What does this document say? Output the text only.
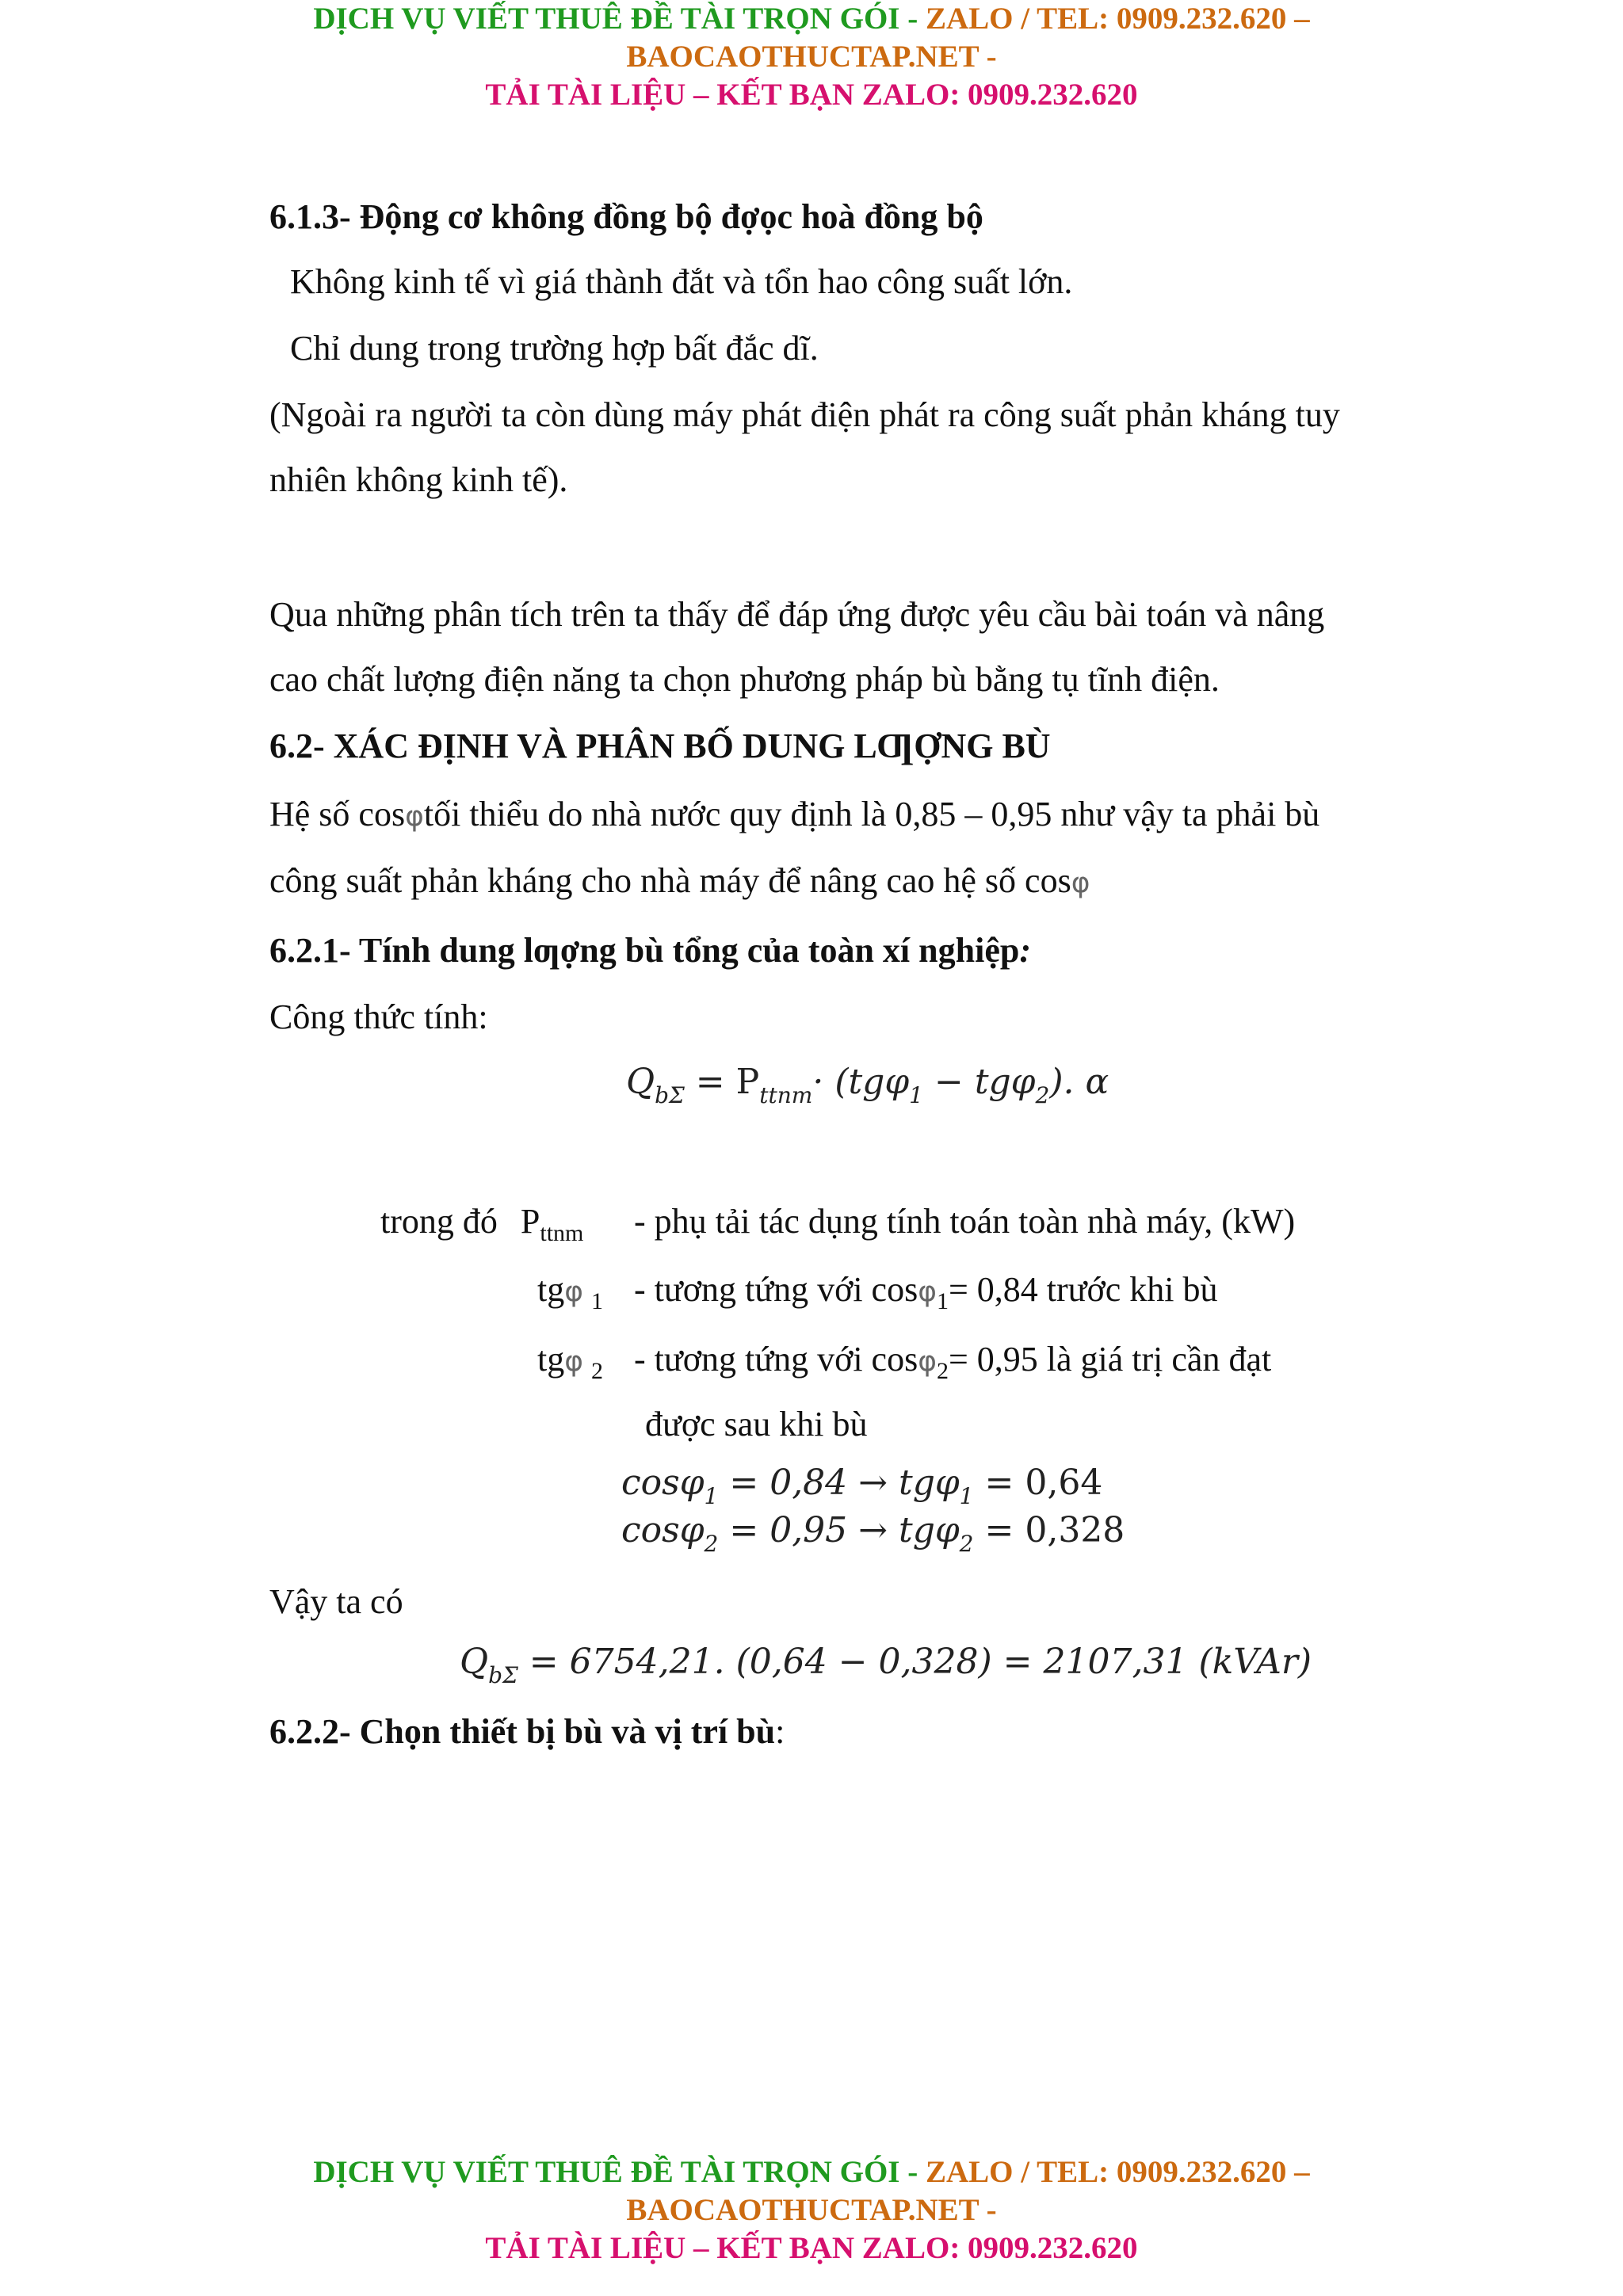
DỊCH VỤ VIẾT THUÊ ĐỀ TÀI TRỌN GÓI - ZALO / TEL: 0909.232.620 –
BAOCAOTHUCTAP.NET -
TẢI TÀI LIỆU – KẾT BẠN ZALO: 0909.232.620
6.1.3- Động cơ không đồng bộ đợọc hoà đồng bộ
Không kinh tế vì giá thành đắt và tổn hao công suất lớn.
Chỉ dung trong trường hợp bất đắc dĩ.
(Ngoài ra người ta còn dùng máy phát điện phát ra công suất phản kháng tuy
nhiên không kinh tế).
Qua những phân tích trên ta thấy để đáp ứng được yêu cầu bài toán và nâng
cao chất lượng điện năng ta chọn phương pháp bù bằng tụ tĩnh điện.
6.2- XÁC ĐỊNH VÀ PHÂN BỐ DUNG LƢỢNG BÙ
Hệ số cosφtối thiểu do nhà nước quy định là 0,85 – 0,95 như vậy ta phải bù
công suất phản kháng cho nhà máy để nâng cao hệ số cosφ
6.2.1- Tính dung lƣợng bù tổng của toàn xí nghiệp:
Công thức tính:
$Q_{b\Sigma} = P_{ttnm}\cdot (tg\varphi_1 - tg\varphi_2)$. α
trong đó $P_{ttnm}$ - phụ tải tác dụng tính toán toàn nhà máy, (kW)
tgφ $_1$ - tương tứng với cosφ$_1$= 0,84 trước khi bù
tgφ $_2$ - tương tứng với cosφ$_2$= 0,95 là giá trị cần đạt
được sau khi bù
cosφ$_1$ = 0,84 → tgφ$_1$ = 0,64
cosφ$_2$ = 0,95 → tgφ$_2$ = 0,328
Vậy ta có
$Q_{b\Sigma} = 6754,21$. (0,64 − 0,328) = 2107,31 (kVAr)
6.2.2- Chọn thiết bị bù và vị trí bù:
DỊCH VỤ VIẾT THUÊ ĐỀ TÀI TRỌN GÓI - ZALO / TEL: 0909.232.620 –
BAOCAOTHUCTAP.NET -
TẢI TÀI LIỆU – KẾT BẠN ZALO: 0909.232.620
